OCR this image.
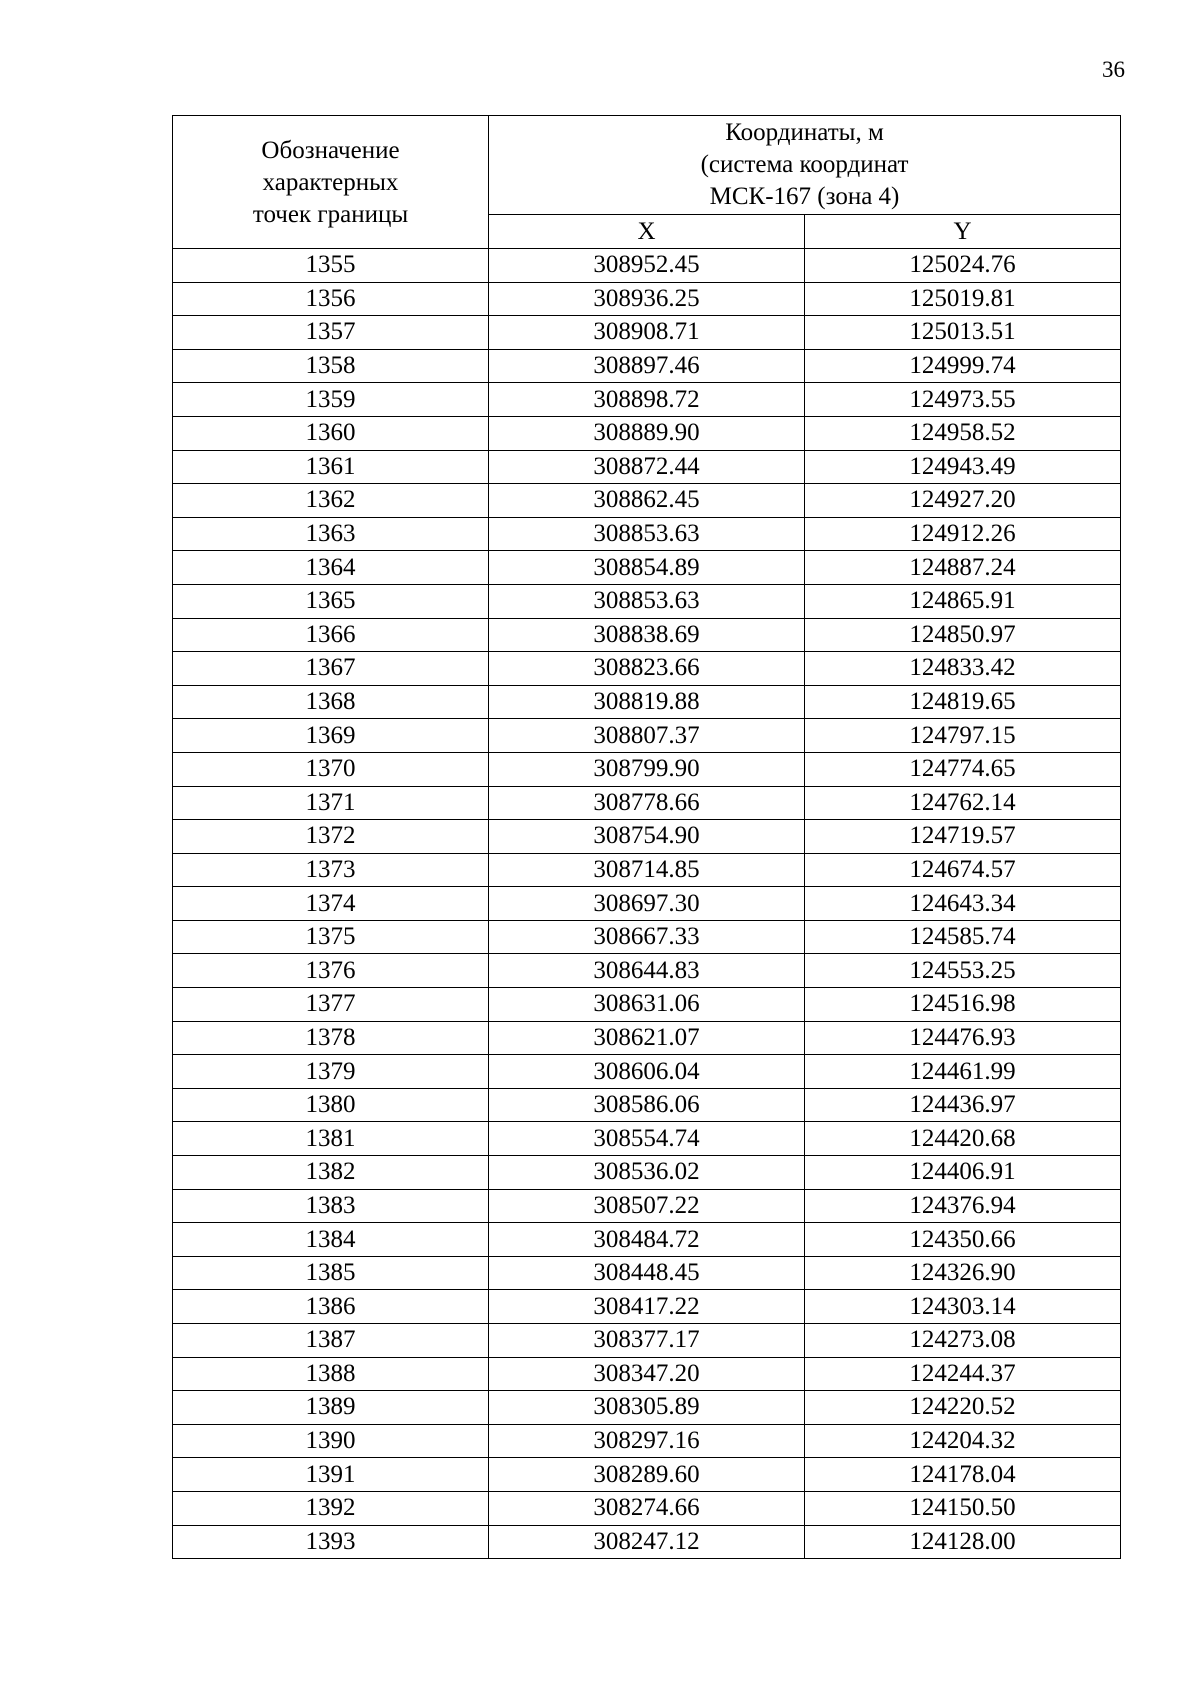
36
Обозначение
характерных
точек границы	Координаты, м
(система координат
МСК-167 (зона 4)	

	X	Y
1355	308952.45	125024.76
1356	308936.25	125019.81
1357	308908.71	125013.51
1358	308897.46	124999.74
1359	308898.72	124973.55
1360	308889.90	124958.52
1361	308872.44	124943.49
1362	308862.45	124927.20
1363	308853.63	124912.26
1364	308854.89	124887.24
1365	308853.63	124865.91
1366	308838.69	124850.97
1367	308823.66	124833.42
1368	308819.88	124819.65
1369	308807.37	124797.15
1370	308799.90	124774.65
1371	308778.66	124762.14
1372	308754.90	124719.57
1373	308714.85	124674.57
1374	308697.30	124643.34
1375	308667.33	124585.74
1376	308644.83	124553.25
1377	308631.06	124516.98
1378	308621.07	124476.93
1379	308606.04	124461.99
1380	308586.06	124436.97
1381	308554.74	124420.68
1382	308536.02	124406.91
1383	308507.22	124376.94
1384	308484.72	124350.66
1385	308448.45	124326.90
1386	308417.22	124303.14
1387	308377.17	124273.08
1388	308347.20	124244.37
1389	308305.89	124220.52
1390	308297.16	124204.32
1391	308289.60	124178.04
1392	308274.66	124150.50
1393	308247.12	124128.00
